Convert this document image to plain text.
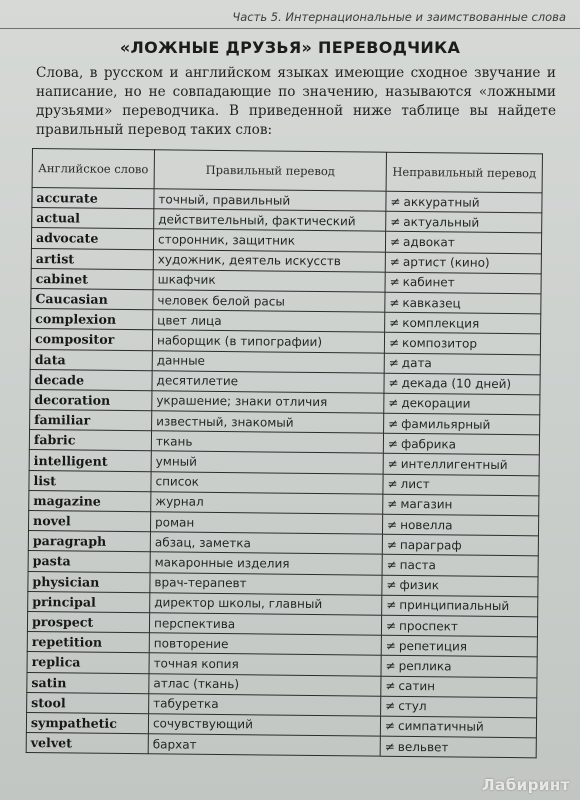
Часть 5. Интернациональные и заимствованные слова
«ЛОЖНЫЕ ДРУЗЬЯ» ПЕРЕВОДЧИКА
Слова, в русском и английском языках имеющие сходное звучание и написание, но не совпадающие по значению, называются «ложными друзьями» переводчика. В приведенной ниже таблице вы найдете правильный перевод таких слов:
Английское слово	Правильный перевод	Неправильный перевод
accurate	точный, правильный	≠ аккуратный
actual	действительный, фактический	≠ актуальный
advocate	сторонник, защитник	≠ адвокат
artist	художник, деятель искусств	≠ артист (кино)
cabinet	шкафчик	≠ кабинет
Caucasian	человек белой расы	≠ кавказец
complexion	цвет лица	≠ комплекция
compositor	наборщик (в типографии)	≠ композитор
data	данные	≠ дата
decade	десятилетие	≠ декада (10 дней)
decoration	украшение; знаки отличия	≠ декорации
familiar	известный, знакомый	≠ фамильярный
fabric	ткань	≠ фабрика
intelligent	умный	≠ интеллигентный
list	список	≠ лист
magazine	журнал	≠ магазин
novel	роман	≠ новелла
paragraph	абзац, заметка	≠ параграф
pasta	макаронные изделия	≠ паста
physician	врач-терапевт	≠ физик
principal	директор школы, главный	≠ принципиальный
prospect	перспектива	≠ проспект
repetition	повторение	≠ репетиция
replica	точная копия	≠ реплика
satin	атлас (ткань)	≠ сатин
stool	табуретка	≠ стул
sympathetic	сочувствующий	≠ симпатичный
velvet	бархат	≠ вельвет
Лабиринт
